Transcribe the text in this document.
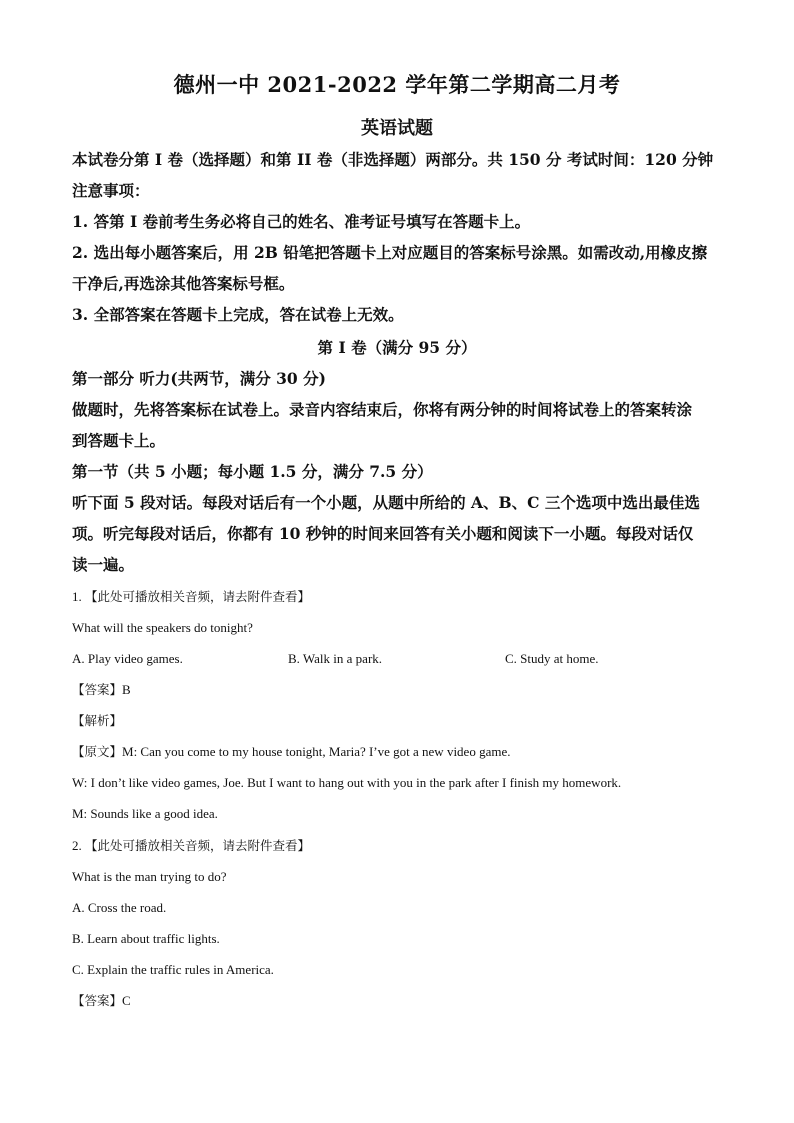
德州一中 2021-2022 学年第二学期高二月考
英语试题
本试卷分第 I 卷（选择题）和第 II 卷（非选择题）两部分。共 150 分 考试时间：120 分钟
注意事项：
1. 答第 I 卷前考生务必将自己的姓名、准考证号填写在答题卡上。
2. 选出每小题答案后，用 2B 铅笔把答题卡上对应题目的答案标号涂黑。如需改动,用橡皮擦
干净后,再选涂其他答案标号框。
3. 全部答案在答题卡上完成，答在试卷上无效。
第 I 卷（满分 95 分）
第一部分 听力(共两节，满分 30 分)
做题时，先将答案标在试卷上。录音内容结束后，你将有两分钟的时间将试卷上的答案转涂
到答题卡上。
第一节（共 5 小题；每小题 1.5 分，满分 7.5 分）
听下面 5 段对话。每段对话后有一个小题，从题中所给的 A、B、C 三个选项中选出最佳选
项。听完每段对话后，你都有 10 秒钟的时间来回答有关小题和阅读下一小题。每段对话仅
读一遍。
1. 【此处可播放相关音频，请去附件查看】
What will the speakers do tonight?
A. Play video games.	B. Walk in a park.	C. Study at home.
【答案】B
【解析】
【原文】M: Can you come to my house tonight, Maria? I’ve got a new video game.
W: I don’t like video games, Joe. But I want to hang out with you in the park after I finish my homework.
M: Sounds like a good idea.
2. 【此处可播放相关音频，请去附件查看】
What is the man trying to do?
A. Cross the road.
B. Learn about traffic lights.
C. Explain the traffic rules in America.
【答案】C
